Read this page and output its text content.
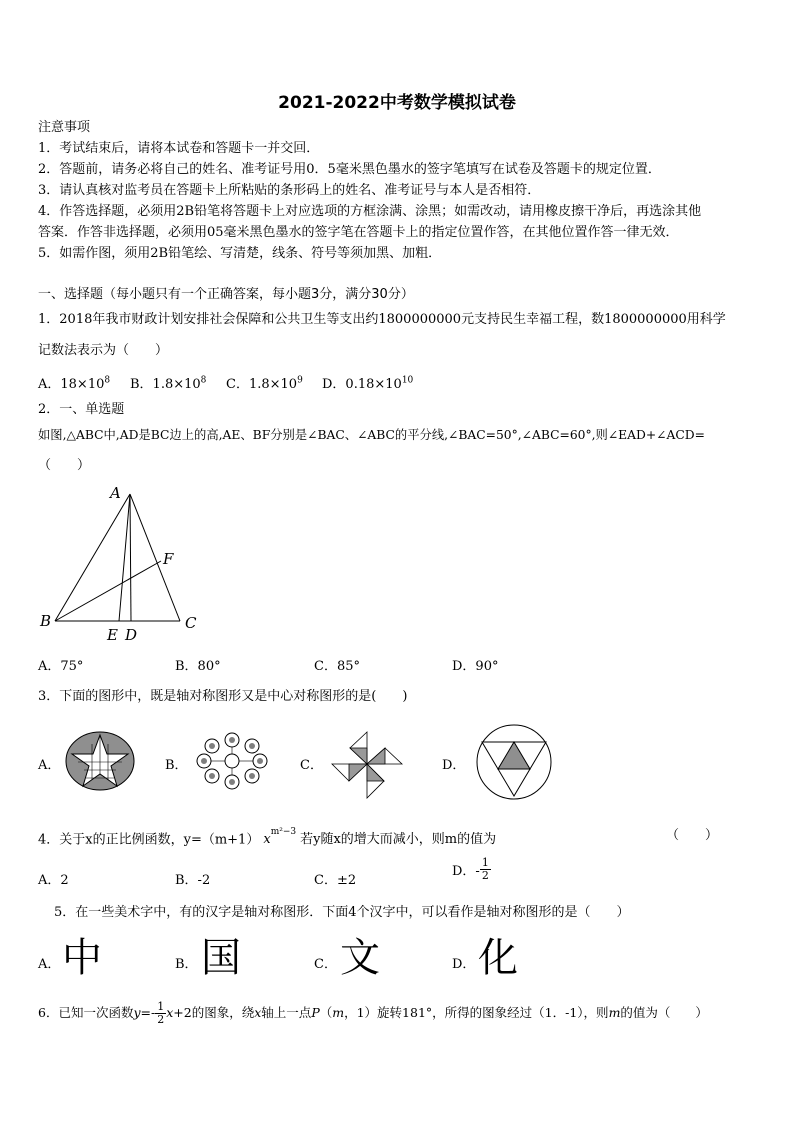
2021-2022中考数学模拟试卷
注意事项
1．考试结束后，请将本试卷和答题卡一并交回．
2．答题前，请务必将自己的姓名、准考证号用0．5毫米黑色墨水的签字笔填写在试卷及答题卡的规定位置．
3．请认真核对监考员在答题卡上所粘贴的条形码上的姓名、准考证号与本人是否相符．
4．作答选择题，必须用2B铅笔将答题卡上对应选项的方框涂满、涂黑；如需改动，请用橡皮擦干净后，再选涂其他
答案．作答非选择题，必须用05毫米黑色墨水的签字笔在答题卡上的指定位置作答，在其他位置作答一律无效．
5．如需作图，须用2B铅笔绘、写清楚，线条、符号等须加黑、加粗．
一、选择题（每小题只有一个正确答案，每小题3分，满分30分）
1．2018年我市财政计划安排社会保障和公共卫生等支出约1800000000元支持民生幸福工程，数1800000000用科学
记数法表示为（　　）
A．$18\times 10^8$ B．$1.8\times 10^8$ C．$1.8\times 10^9$ D．$0.18\times 10^{10}$
2．一、单选题
如图,△ABC中,AD是BC边上的高,AE、BF分别是∠BAC、∠ABC的平分线,∠BAC=50°,∠ABC=60°,则∠EAD+∠ACD=
（　　）
A
B	C
D
E
F
A．75°	B．80°	C．85°	D．90°
3．下面的图形中，既是轴对称图形又是中心对称图形的是(　　)
A．	B．	C．	D．
4．关于x的正比例函数，y=（m+1） $x^{m^2-3}$若y随x的增大而减小，则m的值为	（　　）
A．2	B．-2	C．±2
D．- $\frac{1}{2}$
5．在一些美术字中，有的汉字是轴对称图形．下面4个汉字中，可以看作是轴对称图形的是（　　）
A． 中	B． 国	C． 文	D． 化
6．已知一次函数$y=- \frac{1}{2} x+2$的图象，绕x轴上一点P（m，1）旋转181°，所得的图象经过（1．-1），则m的值为（　　）
